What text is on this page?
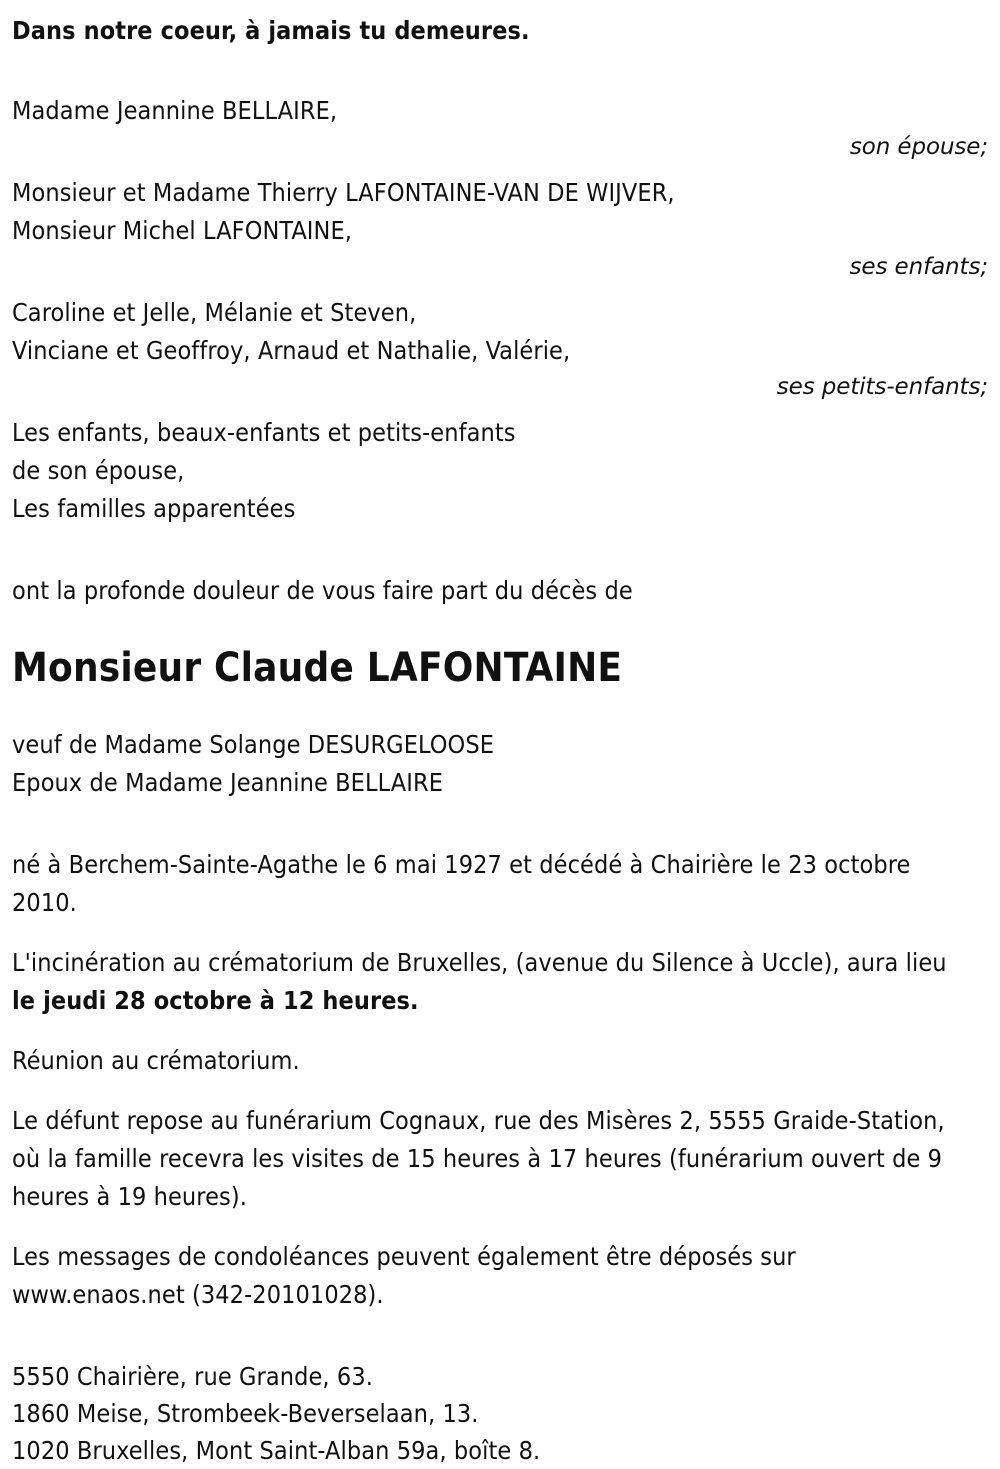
Dans notre coeur, à jamais tu demeures.
Madame Jeannine BELLAIRE,
son épouse;
Monsieur et Madame Thierry LAFONTAINE-VAN DE WIJVER,
Monsieur Michel LAFONTAINE,
ses enfants;
Caroline et Jelle, Mélanie et Steven,
Vinciane et Geoffroy, Arnaud et Nathalie, Valérie,
ses petits-enfants;
Les enfants, beaux-enfants et petits-enfants
de son épouse,
Les familles apparentées
ont la profonde douleur de vous faire part du décès de
Monsieur Claude LAFONTAINE
veuf de Madame Solange DESURGELOOSE
Epoux de Madame Jeannine BELLAIRE
né à Berchem-Sainte-Agathe le 6 mai 1927 et décédé à Chairière le 23 octobre 2010.
L'incinération au crématorium de Bruxelles, (avenue du Silence à Uccle), aura lieu le jeudi 28 octobre à 12 heures.
Réunion au crématorium.
Le défunt repose au funérarium Cognaux, rue des Misères 2, 5555 Graide-Station, où la famille recevra les visites de 15 heures à 17 heures (funérarium ouvert de 9 heures à 19 heures).
Les messages de condoléances peuvent également être déposés sur www.enaos.net (342-20101028).
5550 Chairière, rue Grande, 63.
1860 Meise, Strombeek-Beverselaan, 13.
1020 Bruxelles, Mont Saint-Alban 59a, boîte 8.
